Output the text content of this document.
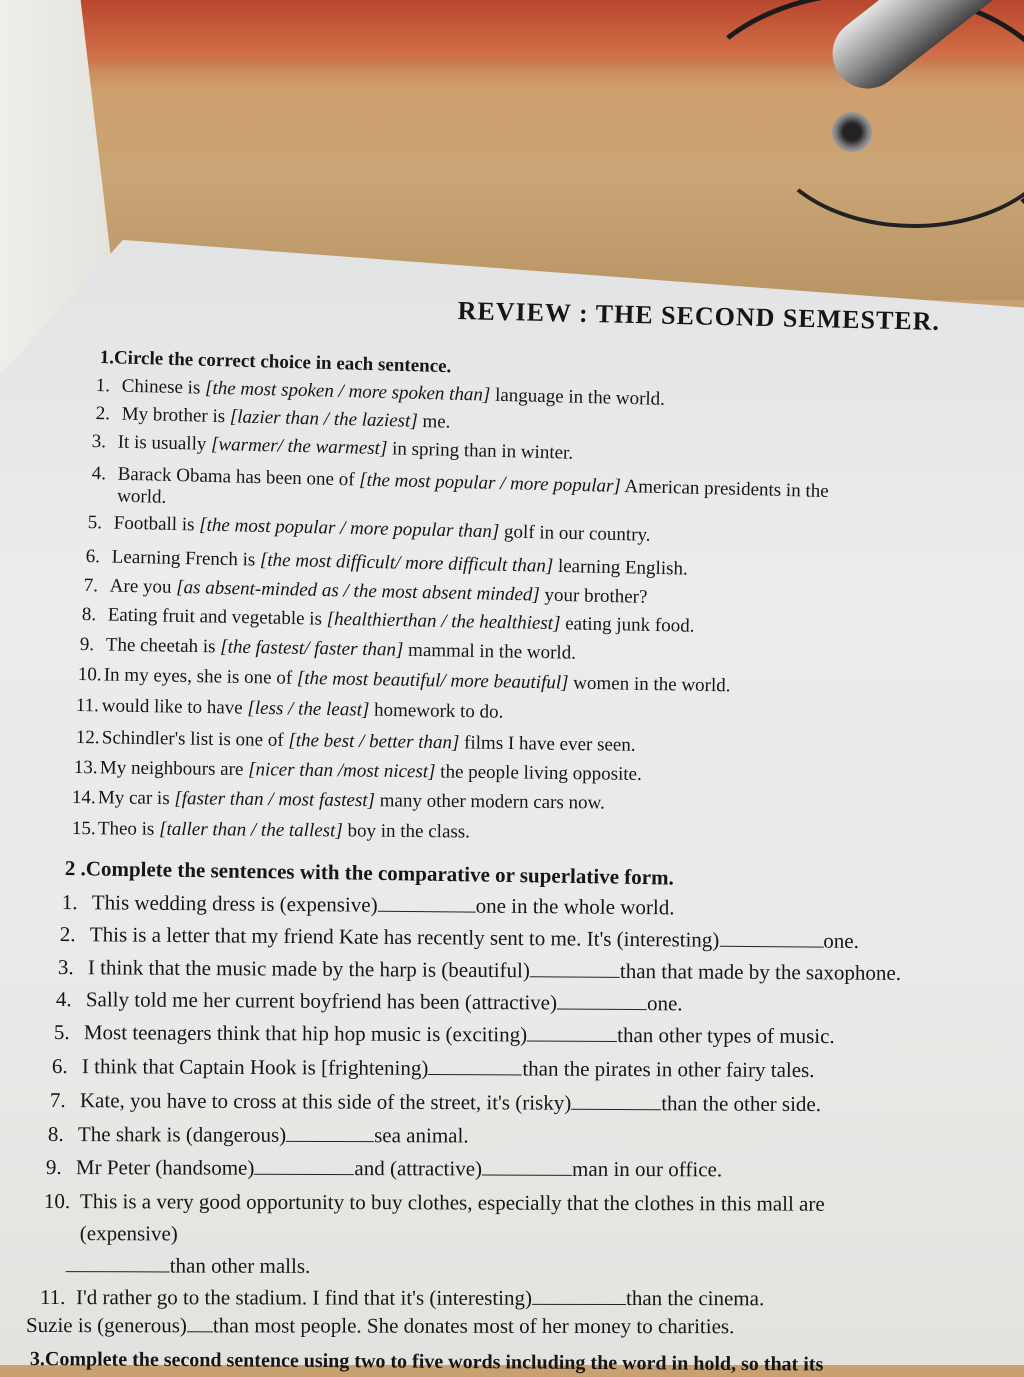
REVIEW : THE SECOND SEMESTER.
1.Circle the correct choice in each sentence.
1. Chinese is [the most spoken / more spoken than] language in the world.
2. My brother is [lazier than / the laziest] me.
3. It is usually [warmer/ the warmest] in spring than in winter.
4. Barack Obama has been one of [the most popular / more popular] American presidents in the
world.
5. Football is [the most popular / more popular than] golf in our country.
6. Learning French is [the most difficult/ more difficult than] learning English.
7. Are you [as absent-minded as / the most absent minded] your brother?
8. Eating fruit and vegetable is [healthierthan / the healthiest] eating junk food.
9. The cheetah is [the fastest/ faster than] mammal in the world.
10.In my eyes, she is one of [the most beautiful/ more beautiful] women in the world.
11. would like to have [less / the least] homework to do.
12. Schindler's list is one of [the best / better than] films I have ever seen.
13. My neighbours are [nicer than /most nicest] the people living opposite.
14. My car is [faster than / most fastest] many other modern cars now.
15. Theo is [taller than / the tallest] boy in the class.
2 .Complete the sentences with the comparative or superlative form.
1. This wedding dress is (expensive)	one in the whole world.
2. This is a letter that my friend Kate has recently sent to me. It's (interesting)	one.
3. I think that the music made by the harp is (beautiful)	than that made by the saxophone.
4. Sally told me her current boyfriend has been (attractive)	one.
5. Most teenagers think that hip hop music is (exciting)	than other types of music.
6. I think that Captain Hook is [frightening)	than the pirates in other fairy tales.
7. Kate, you have to cross at this side of the street, it's (risky)	than the other side.
8. The shark is (dangerous)	sea animal.
9. Mr Peter (handsome)	and (attractive)	man in our office.
10. This is a very good opportunity to buy clothes, especially that the clothes in this mall are
(expensive)
than other malls.
11. I'd rather go to the stadium. I find that it's (interesting)	than the cinema.
Suzie is (generous) than most people. She donates most of her money to charities.
3.Complete the second sentence using two to five words including the word in hold, so that its
